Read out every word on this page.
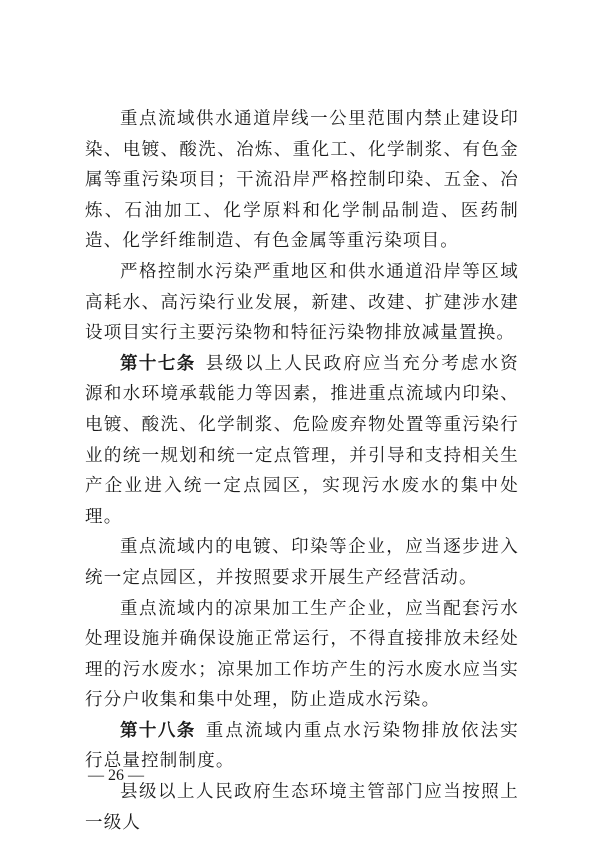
重点流域供水通道岸线一公里范围内禁止建设印染、电镀、酸洗、冶炼、重化工、化学制浆、有色金属等重污染项目；干流沿岸严格控制印染、五金、冶炼、石油加工、化学原料和化学制品制造、医药制造、化学纤维制造、有色金属等重污染项目。

严格控制水污染严重地区和供水通道沿岸等区域高耗水、高污染行业发展，新建、改建、扩建涉水建设项目实行主要污染物和特征污染物排放减量置换。

第十七条 县级以上人民政府应当充分考虑水资源和水环境承载能力等因素，推进重点流域内印染、电镀、酸洗、化学制浆、危险废弃物处置等重污染行业的统一规划和统一定点管理，并引导和支持相关生产企业进入统一定点园区，实现污水废水的集中处理。

重点流域内的电镀、印染等企业，应当逐步进入统一定点园区，并按照要求开展生产经营活动。

重点流域内的凉果加工生产企业，应当配套污水处理设施并确保设施正常运行，不得直接排放未经处理的污水废水；凉果加工作坊产生的污水废水应当实行分户收集和集中处理，防止造成水污染。

第十八条 重点流域内重点水污染物排放依法实行总量控制制度。

县级以上人民政府生态环境主管部门应当按照上一级人

— 26 —
